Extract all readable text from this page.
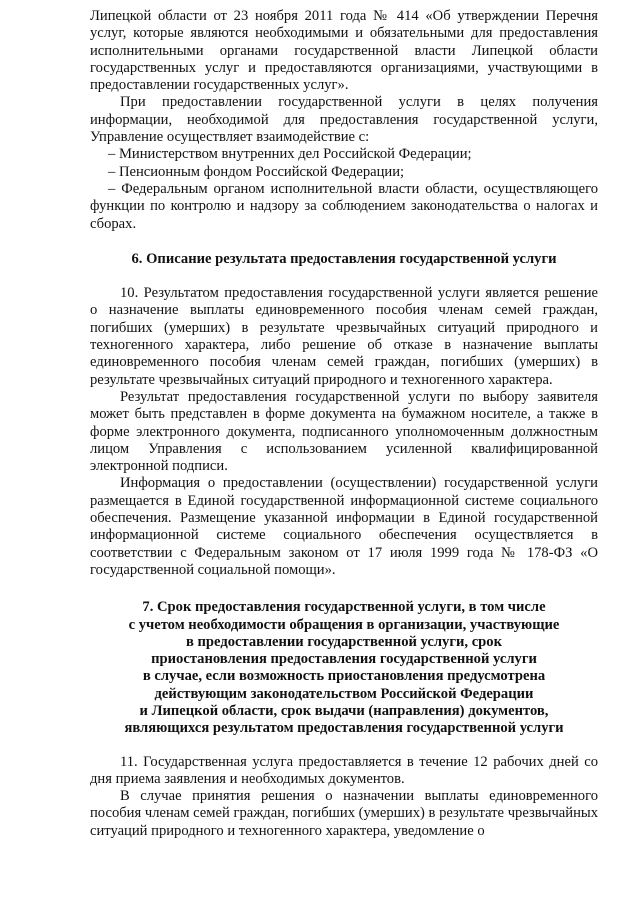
Липецкой области от 23 ноября 2011 года № 414 «Об утверждении Перечня услуг, которые являются необходимыми и обязательными для предоставления исполнительными органами государственной власти Липецкой области государственных услуг и предоставляются организациями, участвующими в предоставлении государственных услуг».

При предоставлении государственной услуги в целях получения информации, необходимой для предоставления государственной услуги, Управление осуществляет взаимодействие с:

– Министерством внутренних дел Российской Федерации;

– Пенсионным фондом Российской Федерации;

– Федеральным органом исполнительной власти области, осуществляющего функции по контролю и надзору за соблюдением законодательства о налогах и сборах.

6. Описание результата предоставления государственной услуги

10. Результатом предоставления государственной услуги является решение о назначение выплаты единовременного пособия членам семей граждан, погибших (умерших) в результате чрезвычайных ситуаций природного и техногенного характера, либо решение об отказе в назначение выплаты единовременного пособия членам семей граждан, погибших (умерших) в результате чрезвычайных ситуаций природного и техногенного характера.

Результат предоставления государственной услуги по выбору заявителя может быть представлен в форме документа на бумажном носителе, а также в форме электронного документа, подписанного уполномоченным должностным лицом Управления с использованием усиленной квалифицированной электронной подписи.

Информация о предоставлении (осуществлении) государственной услуги размещается в Единой государственной информационной системе социального обеспечения. Размещение указанной информации в Единой государственной информационной системе социального обеспечения осуществляется в соответствии с Федеральным законом от 17 июля 1999 года № 178-ФЗ «О государственной социальной помощи».

7. Срок предоставления государственной услуги, в том числе
с учетом необходимости обращения в организации, участвующие
в предоставлении государственной услуги, срок
приостановления предоставления государственной услуги
в случае, если возможность приостановления предусмотрена
действующим законодательством Российской Федерации
и Липецкой области, срок выдачи (направления) документов,
являющихся результатом предоставления государственной услуги

11. Государственная услуга предоставляется в течение 12 рабочих дней со дня приема заявления и необходимых документов.

В случае принятия решения о назначении выплаты единовременного пособия членам семей граждан, погибших (умерших) в результате чрезвычайных ситуаций природного и техногенного характера, уведомление о
